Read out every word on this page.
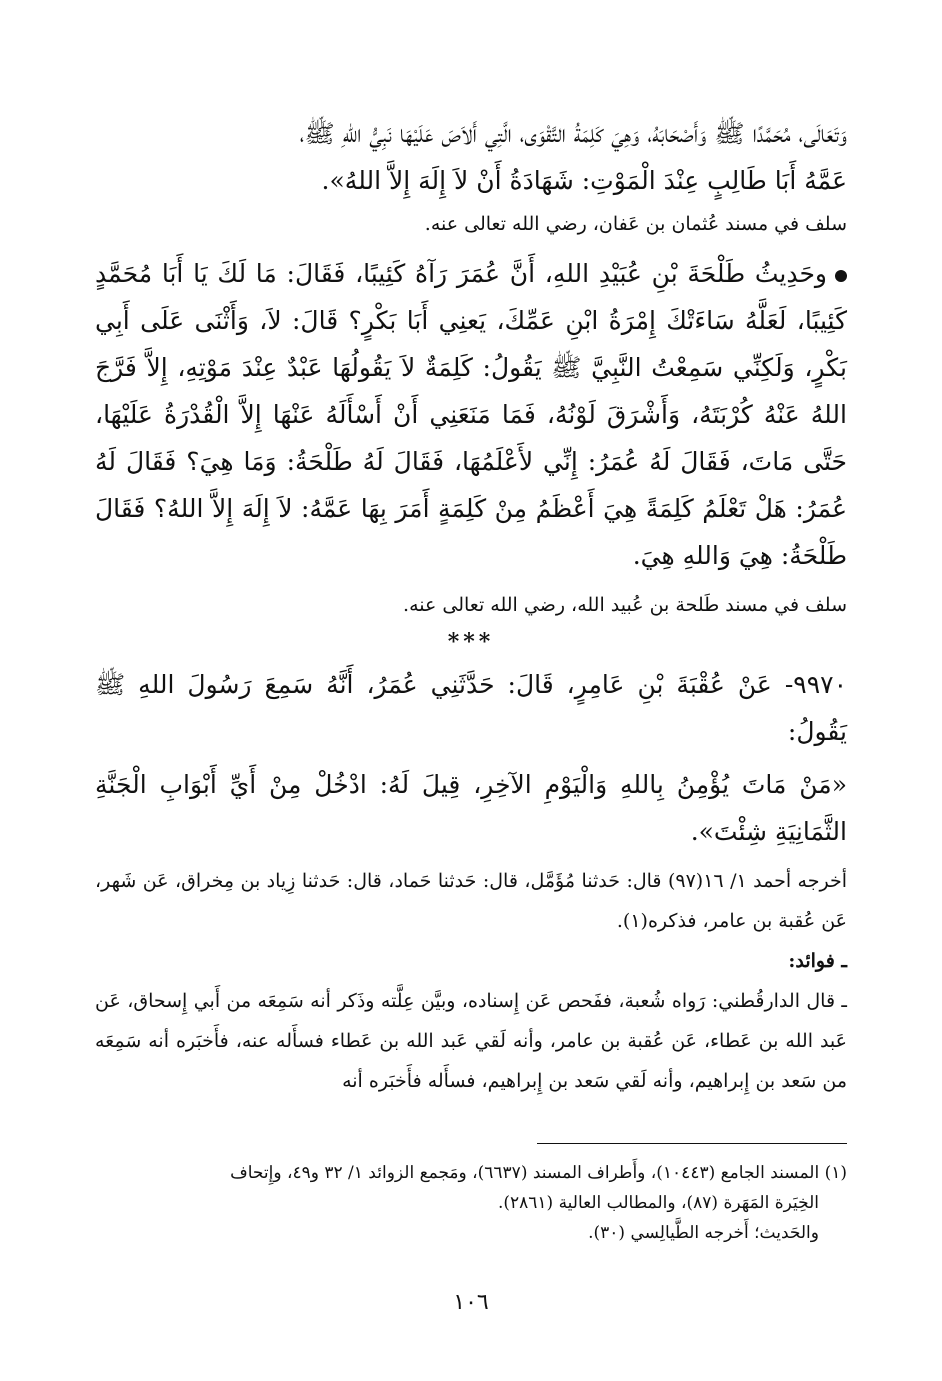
وَتَعَالَى، مُحَمَّدًا ﷺ وَأَصْحَابَهُ، وَهِيَ كَلِمَةُ التَّقْوَى، الَّتِي أَلاَصَ عَلَيْهَا نَبِيُّ اللهِ ﷺ،

عَمَّهُ أَبَا طَالِبٍ عِنْدَ الْمَوْتِ: شَهَادَةُ أَنْ لاَ إِلَهَ إِلاَّ اللهُ».

سلف في مسند عُثمان بن عَفان، رضي الله تعالى عنه.

وحَدِيثُ طَلْحَةَ بْنِ عُبَيْدِ اللهِ، أَنَّ عُمَرَ رَآهُ كَئِيبًا، فَقَالَ: مَا لَكَ يَا أَبَا مُحَمَّدٍ كَئِيبًا، لَعَلَّهُ سَاءَتْكَ إِمْرَةُ ابْنِ عَمِّكَ، يَعنِي أَبَا بَكْرٍ؟ قَالَ: لاَ، وَأَثْنَى عَلَى أَبِي بَكْرٍ، وَلَكِنِّي سَمِعْتُ النَّبِيَّ ﷺ يَقُولُ: كَلِمَةٌ لاَ يَقُولُهَا عَبْدٌ عِنْدَ مَوْتِهِ، إِلاَّ فَرَّجَ اللهُ عَنْهُ كُرْبَتَهُ، وَأَشْرَقَ لَوْنُهُ، فَمَا مَنَعَنِي أَنْ أَسْأَلَهُ عَنْهَا إِلاَّ الْقُدْرَةُ عَلَيْهَا، حَتَّى مَاتَ، فَقَالَ لَهُ عُمَرُ: إِنِّي لأَعْلَمُهَا، فَقَالَ لَهُ طَلْحَةُ: وَمَا هِيَ؟ فَقَالَ لَهُ عُمَرُ: هَلْ تَعْلَمُ كَلِمَةً هِيَ أَعْظَمُ مِنْ كَلِمَةٍ أَمَرَ بِهَا عَمَّهُ: لاَ إِلَهَ إِلاَّ اللهُ؟ فَقَالَ طَلْحَةُ: هِيَ وَاللهِ هِيَ.

سلف في مسند طَلحة بن عُبيد الله، رضي الله تعالى عنه.

***

٩٩٧٠- عَنْ عُقْبَةَ بْنِ عَامِرٍ، قَالَ: حَدَّثَنِي عُمَرُ، أَنَّهُ سَمِعَ رَسُولَ اللهِ ﷺ يَقُولُ:

«مَنْ مَاتَ يُؤْمِنُ بِاللهِ وَالْيَوْمِ الآخِرِ، قِيلَ لَهُ: ادْخُلْ مِنْ أَيِّ أَبْوَابِ الْجَنَّةِ الثَّمَانِيَةِ شِئْتَ».

أخرجه أحمد ١/ ١٦(٩٧) قال: حَدثنا مُؤَمَّل، قال: حَدثنا حَماد، قال: حَدثنا زِياد بن مِخراق، عَن شَهر، عَن عُقبة بن عامر، فذكره(١).

ـ فوائد:

ـ قال الدارقُطني: رَواه شُعبة، ففَحص عَن إِسناده، وبيَّن عِلَّته وذَكر أنه سَمِعَه من أَبي إِسحاق، عَن عَبد الله بن عَطاء، عَن عُقبة بن عامر، وأنه لَقي عَبد الله بن عَطاء فسأَله عنه، فأَخبَره أنه سَمِعَه من سَعد بن إِبراهيم، وأنه لَقي سَعد بن إِبراهيم، فسأَله فأَخبَره أنه

(١) المسند الجامع (١٠٤٤٣)، وأَطراف المسند (٦٦٣٧)، ومَجمع الزوائد ١/ ٣٢ و٤٩، وإِتحاف
الخِيَرة المَهَرة (٨٧)، والمطالب العالية (٢٨٦١).
والحَديث؛ أَخرجه الطَّيالِسي (٣٠).
١٠٦
